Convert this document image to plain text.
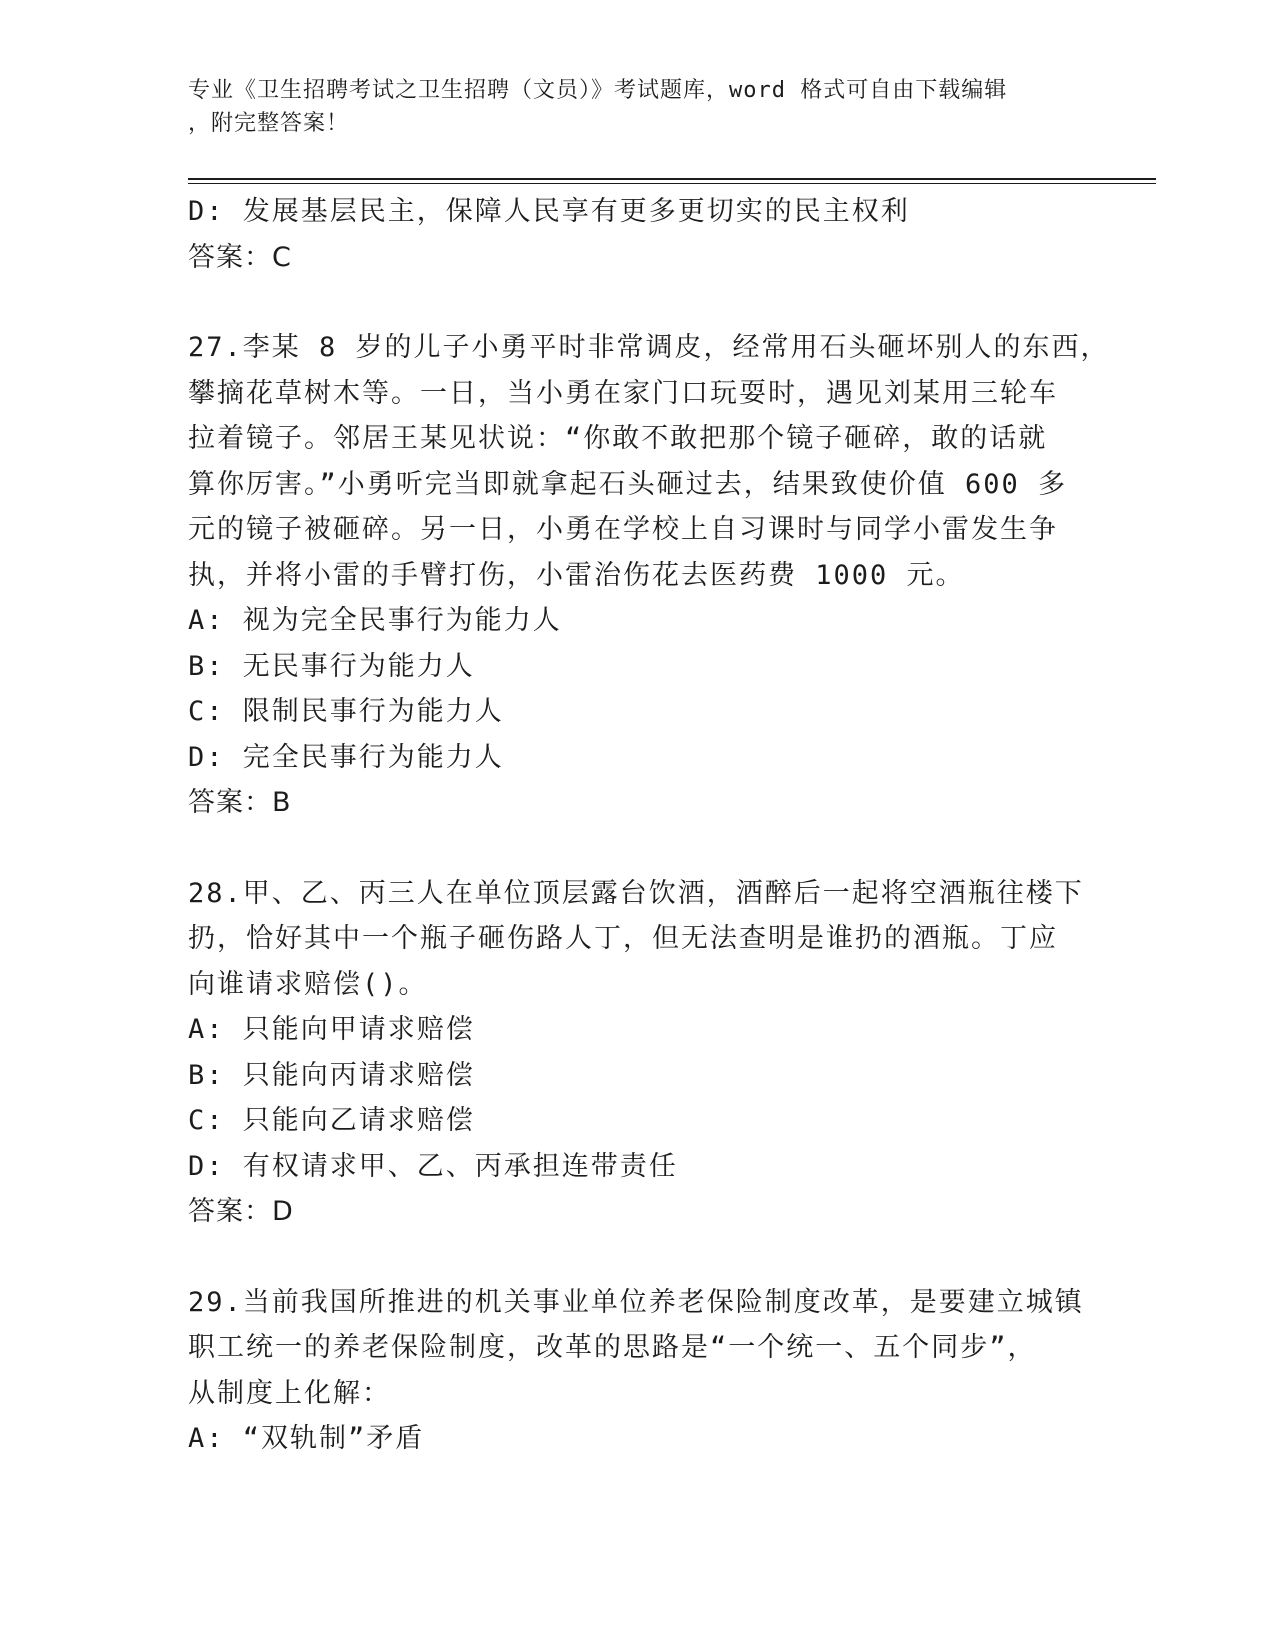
专业《卫生招聘考试之卫生招聘（文员）》考试题库，word 格式可自由下载编辑
，附完整答案！
D: 发展基层民主，保障人民享有更多更切实的民主权利
答案：C
27.李某 8 岁的儿子小勇平时非常调皮，经常用石头砸坏别人的东西，
攀摘花草树木等。一日，当小勇在家门口玩耍时，遇见刘某用三轮车
拉着镜子。邻居王某见状说：“你敢不敢把那个镜子砸碎，敢的话就
算你厉害。”小勇听完当即就拿起石头砸过去，结果致使价值 600 多
元的镜子被砸碎。另一日，小勇在学校上自习课时与同学小雷发生争
执，并将小雷的手臂打伤，小雷治伤花去医药费 1000 元。
A: 视为完全民事行为能力人
B: 无民事行为能力人
C: 限制民事行为能力人
D: 完全民事行为能力人
答案：B
28.甲、乙、丙三人在单位顶层露台饮酒，酒醉后一起将空酒瓶往楼下
扔，恰好其中一个瓶子砸伤路人丁，但无法查明是谁扔的酒瓶。丁应
向谁请求赔偿()。
A: 只能向甲请求赔偿
B: 只能向丙请求赔偿
C: 只能向乙请求赔偿
D: 有权请求甲、乙、丙承担连带责任
答案：D
29.当前我国所推进的机关事业单位养老保险制度改革，是要建立城镇
职工统一的养老保险制度，改革的思路是“一个统一、五个同步”，
从制度上化解：
A: “双轨制”矛盾
